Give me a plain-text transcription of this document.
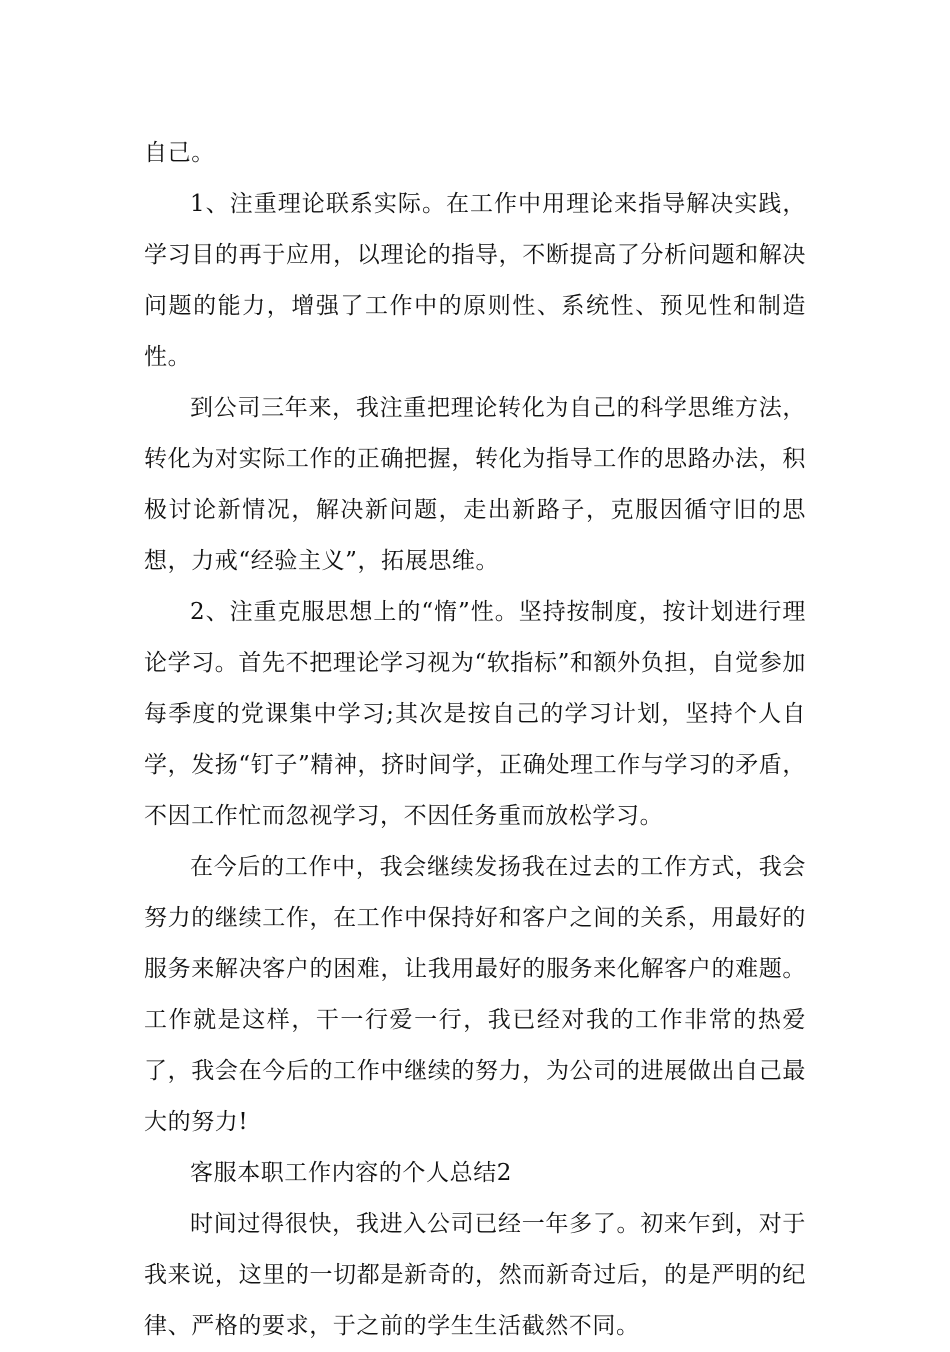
自己。

1、注重理论联系实际。在工作中用理论来指导解决实践，学习目的再于应用，以理论的指导，不断提高了分析问题和解决问题的能力，增强了工作中的原则性、系统性、预见性和制造性。

到公司三年来，我注重把理论转化为自己的科学思维方法，转化为对实际工作的正确把握，转化为指导工作的思路办法，积极讨论新情况，解决新问题，走出新路子，克服因循守旧的思想，力戒“经验主义”，拓展思维。

2、注重克服思想上的“惰”性。坚持按制度，按计划进行理论学习。首先不把理论学习视为“软指标”和额外负担，自觉参加每季度的党课集中学习;其次是按自己的学习计划，坚持个人自学，发扬“钉子”精神，挤时间学，正确处理工作与学习的矛盾，不因工作忙而忽视学习，不因任务重而放松学习。

在今后的工作中，我会继续发扬我在过去的工作方式，我会努力的继续工作，在工作中保持好和客户之间的关系，用最好的服务来解决客户的困难，让我用最好的服务来化解客户的难题。工作就是这样，干一行爱一行，我已经对我的工作非常的热爱了，我会在今后的工作中继续的努力，为公司的进展做出自己最大的努力!

客服本职工作内容的个人总结2

时间过得很快，我进入公司已经一年多了。初来乍到，对于我来说，这里的一切都是新奇的，然而新奇过后，的是严明的纪律、严格的要求，于之前的学生生活截然不同。
